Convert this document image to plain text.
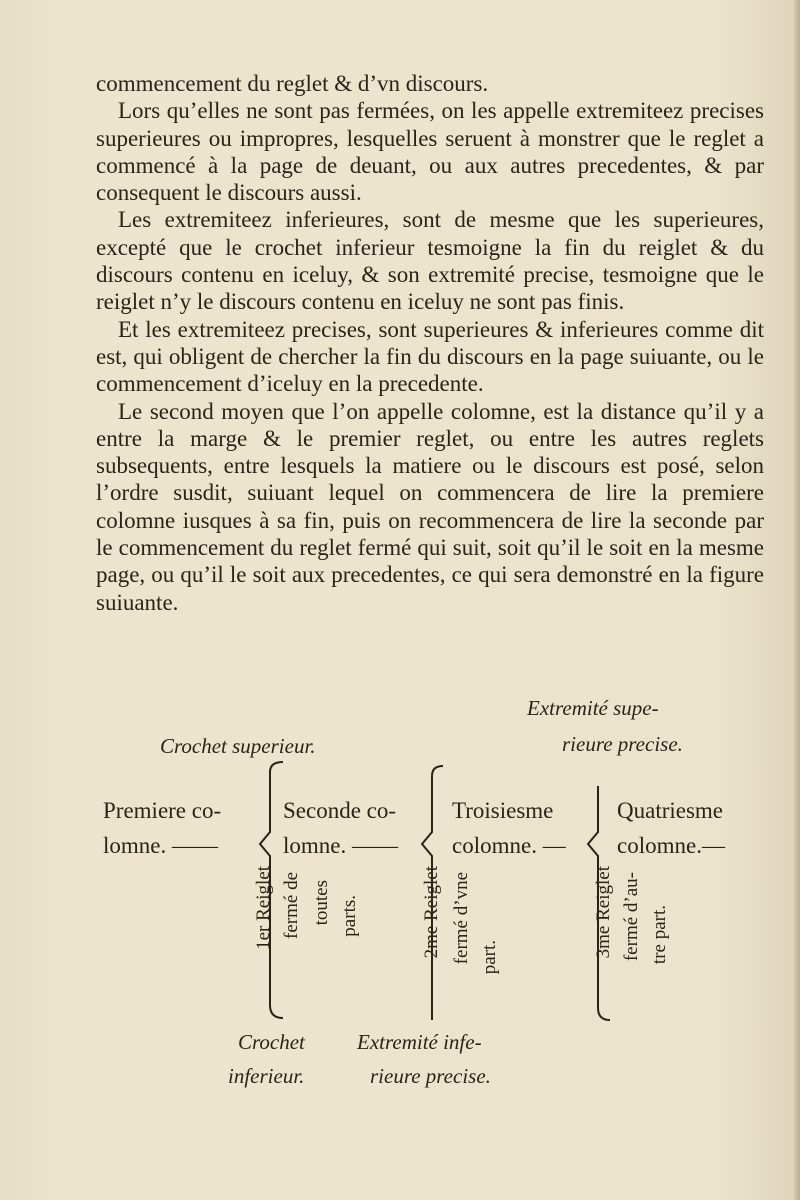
commencement du reglet & d’vn discours.

Lors qu’elles ne sont pas fermées, on les appelle extremiteez precises superieures ou impropres, lesquelles seruent à monstrer que le reglet a commencé à la page de deuant, ou aux autres precedentes, & par consequent le discours aussi.

Les extremiteez inferieures, sont de mesme que les superieures, excepté que le crochet inferieur tesmoigne la fin du reiglet & du discours contenu en iceluy, & son extremité precise, tesmoigne que le reiglet n’y le discours contenu en iceluy ne sont pas finis.

Et les extremiteez precises, sont superieures & inferieures comme dit est, qui obligent de chercher la fin du discours en la page suiuante, ou le commencement d’iceluy en la precedente.

Le second moyen que l’on appelle colomne, est la distance qu’il y a entre la marge & le premier reglet, ou entre les autres reglets subsequents, entre lesquels la matiere ou le discours est posé, selon l’ordre susdit, suiuant lequel on commencera de lire la premiere colomne iusques à sa fin, puis on recommencera de lire la seconde par le commencement du reglet fermé qui suit, soit qu’il le soit en la mesme page, ou qu’il le soit aux precedentes, ce qui sera demonstré en la figure suiuante.

Extremité supe-
rieure precise.
Crochet superieur.
Premiere co-
lomne. ——
Seconde co-
lomne. ——
Troisiesme
colomne. —
Quatriesme
colomne.—
1er Reiglet fermé de toutes parts.	2me Reiglet fermé d’vne part.	3me Reiglet fermé d’au- tre part.
Crochet
inferieur.
Extremité infe-
rieure precise.
